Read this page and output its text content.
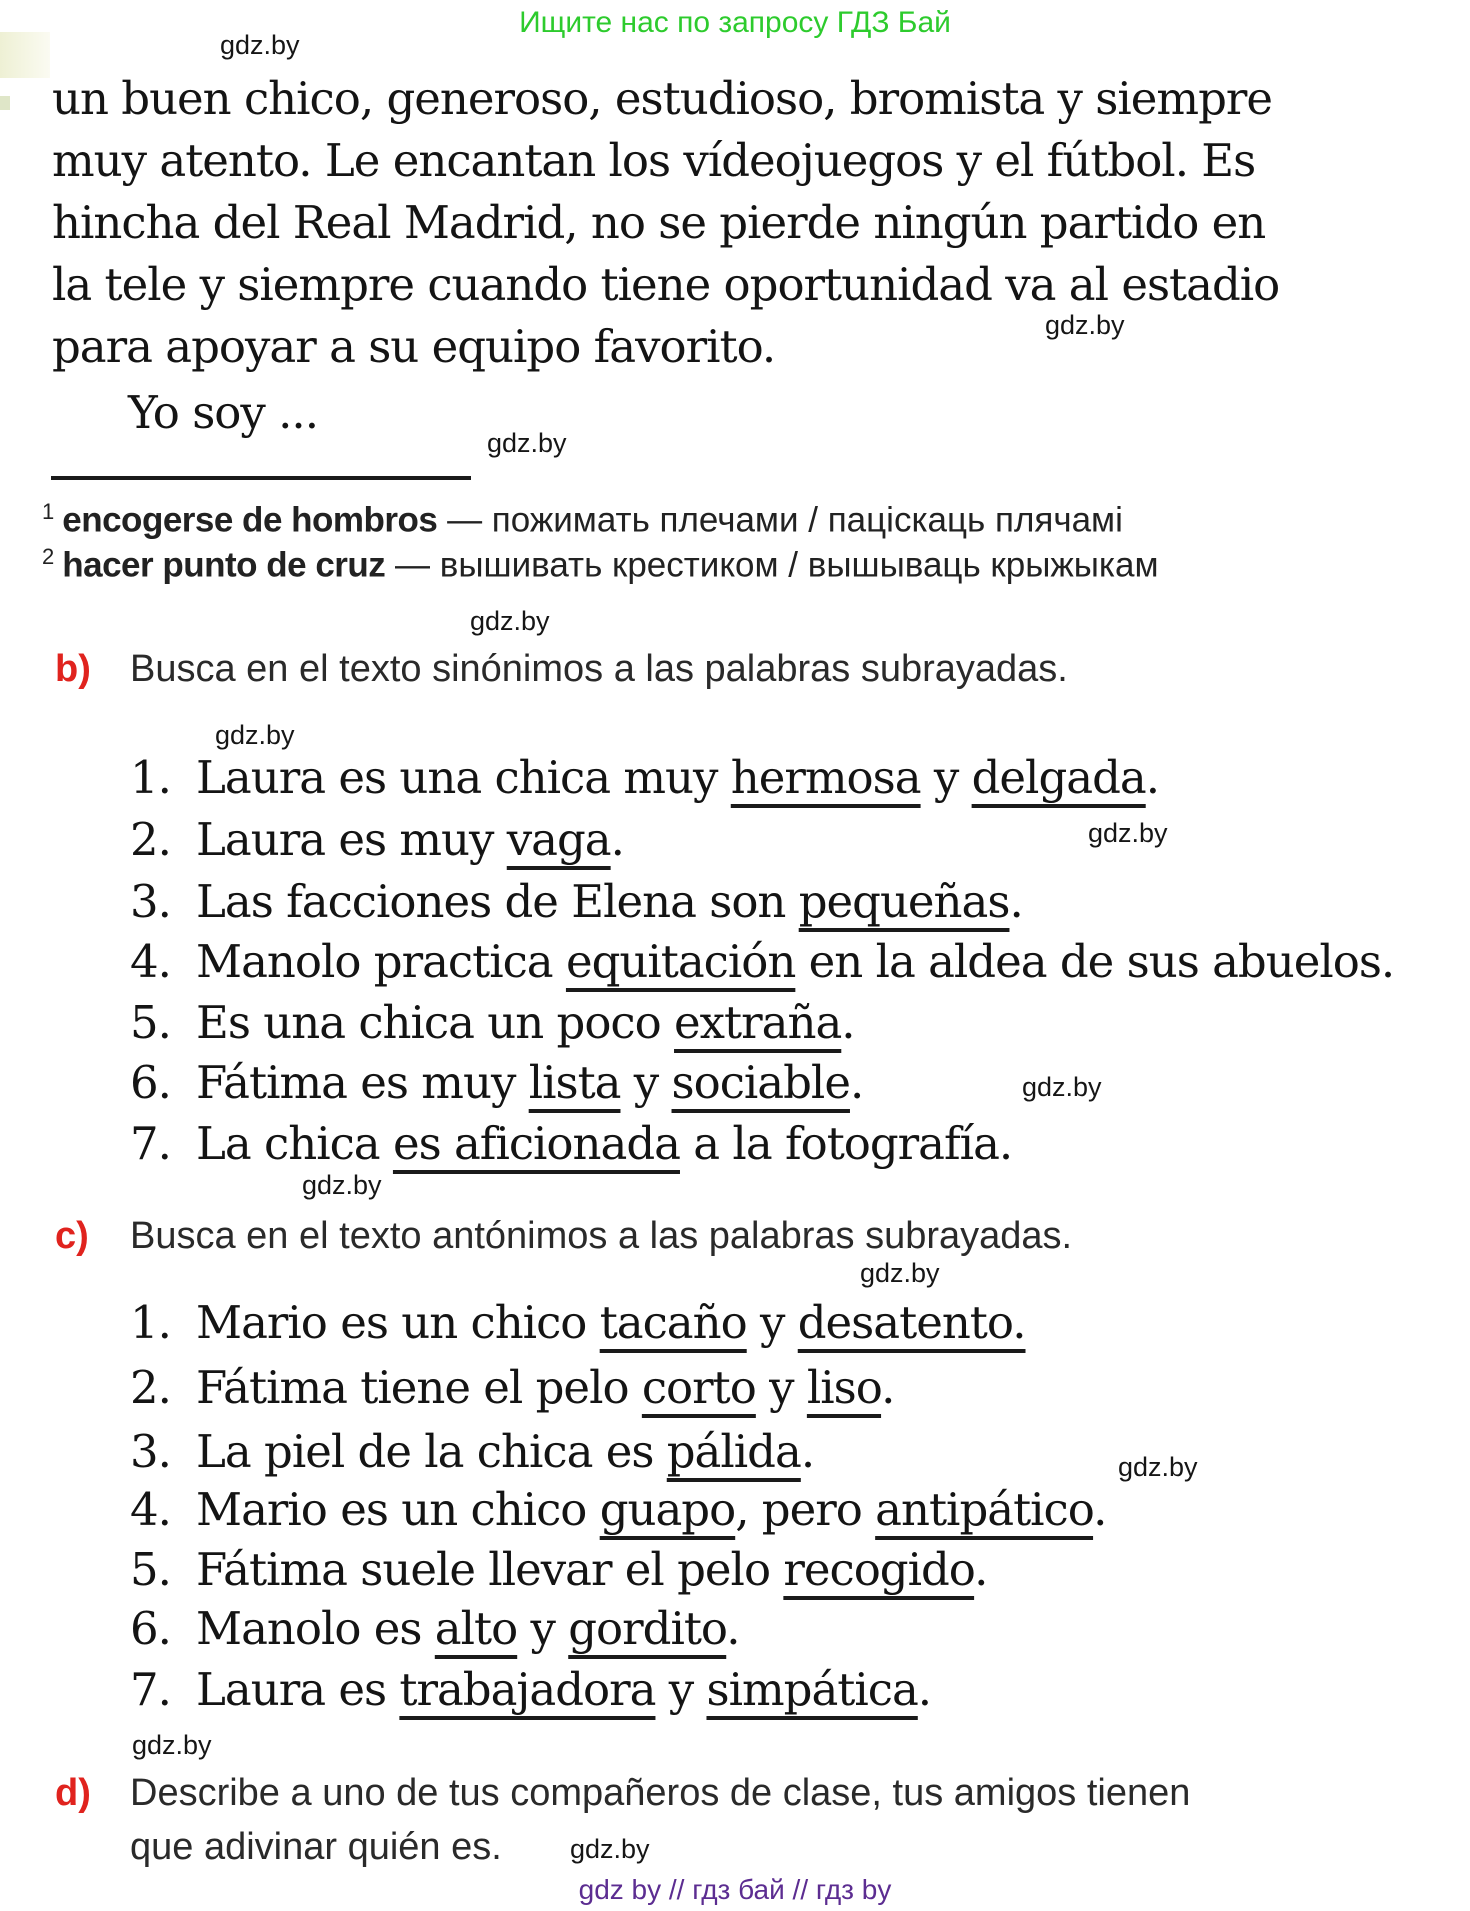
Ищите нас по запросу ГДЗ Бай
gdz.by
gdz.by
gdz.by
gdz.by
gdz.by
gdz.by
gdz.by
gdz.by
gdz.by
gdz.by
gdz.by
gdz.by
un buen chico, generoso, estudioso, bromista y siempre
muy atento. Le encantan los vídeojuegos y el fútbol. Es
hincha del Real Madrid, no se pierde ningún partido en
la tele y siempre cuando tiene oportunidad va al estadio
para apoyar a su equipo favorito.
Yo soy ...
$^1$ encogerse de hombros — пожимать плечами / паціскаць плячамі
$^2$ hacer punto de cruz — вышивать крестиком / вышываць крыжыкам
b) Busca en el texto sinónimos a las palabras subrayadas.
1. Laura es una chica muy hermosa y delgada.
2. Laura es muy vaga.
3. Las facciones de Elena son pequeñas.
4. Manolo practica equitación en la aldea de sus abuelos.
5. Es una chica un poco extraña.
6. Fátima es muy lista y sociable.
7. La chica es aficionada a la fotografía.
c) Busca en el texto antónimos a las palabras subrayadas.
1. Mario es un chico tacaño y desatento.
2. Fátima tiene el pelo corto y liso.
3. La piel de la chica es pálida.
4. Mario es un chico guapo, pero antipático.
5. Fátima suele llevar el pelo recogido.
6. Manolo es alto y gordito.
7. Laura es trabajadora y simpática.
d)	Describe a uno de tus compañeros de clase, tus amigos tienen
que adivinar quién es.
gdz by // гдз бай // гдз by
